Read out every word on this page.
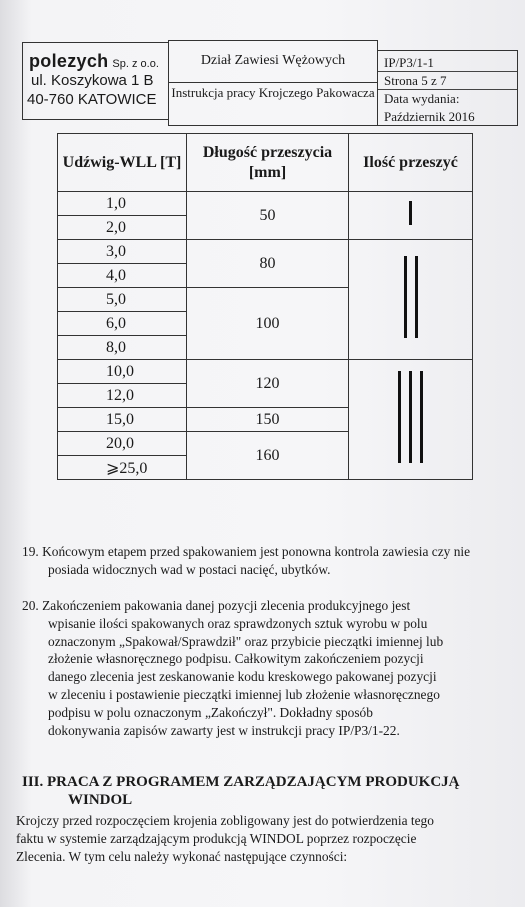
polezych Sp. z o.o.
ul. Koszykowa 1 B
40-760 KATOWICE
Dział Zawiesi Wężowych
Instrukcja pracy Krojczego Pakowacza
IP/P3/1-1
Strona 5 z 7
Data wydania:
Październik 2016
Udźwig-WLL [T]	Długość przeszycia [mm]	Ilość przeszyć
1,0	50	
2,0		
3,0	80	
4,0		
5,0	100	
6,0		
8,0		
10,0	120	
12,0		
15,0	150	
20,0	160	
⩾25,0		
19. Końcowym etapem przed spakowaniem jest ponowna kontrola zawiesia czy nie posiada widocznych wad w postaci nacięć, ubytków.
20. Zakończeniem pakowania danej pozycji zlecenia produkcyjnego jest
wpisanie ilości spakowanych oraz sprawdzonych sztuk wyrobu w polu
oznaczonym „Spakował/Sprawdził" oraz przybicie pieczątki imiennej lub
złożenie własnoręcznego podpisu. Całkowitym zakończeniem pozycji
danego zlecenia jest zeskanowanie kodu kreskowego pakowanej pozycji
w zleceniu i postawienie pieczątki imiennej lub złożenie własnoręcznego
podpisu w polu oznaczonym „Zakończył". Dokładny sposób
dokonywania zapisów zawarty jest w instrukcji pracy IP/P3/1-22.
III. PRACA Z PROGRAMEM ZARZĄDZAJĄCYM PRODUKCJĄ
WINDOL
Krojczy przed rozpoczęciem krojenia zobligowany jest do potwierdzenia tego
faktu w systemie zarządzającym produkcją WINDOL poprzez rozpoczęcie
Zlecenia. W tym celu należy wykonać następujące czynności:
